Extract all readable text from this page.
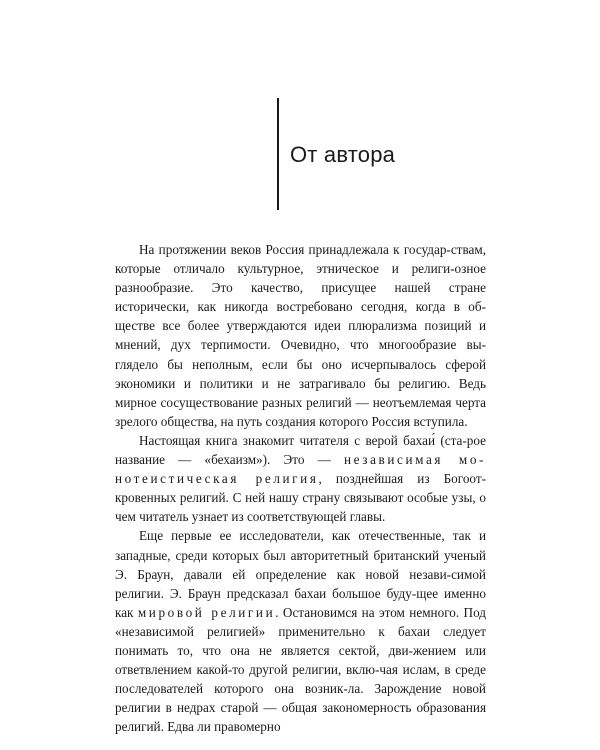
От автора

На протяжении веков Россия принадлежала к государ-ствам, которые отличало культурное, этническое и религи-озное разнообразие. Это качество, присущее нашей стране исторически, как никогда востребовано сегодня, когда в об-ществе все более утверждаются идеи плюрализма позиций и мнений, дух терпимости. Очевидно, что многообразие вы-глядело бы неполным, если бы оно исчерпывалось сферой экономики и политики и не затрагивало бы религию. Ведь мирное сосуществование разных религий — неотъемлемая черта зрелого общества, на путь создания которого Россия вступила.

Настоящая книга знакомит читателя с верой бахаи́ (ста-рое название — «бехаизм»). Это — независимая мо-нотеистическая религия, позднейшая из Богоот-кровенных религий. С ней нашу страну связывают особые узы, о чем читатель узнает из соответствующей главы.

Еще первые ее исследователи, как отечественные, так и западные, среди которых был авторитетный британский ученый Э. Браун, давали ей определение как новой незави-симой религии. Э. Браун предсказал бахаи большое буду-щее именно как мировой религии. Остановимся на этом немного. Под «независимой религией» применительно к бахаи следует понимать то, что она не является сектой, дви-жением или ответвлением какой-то другой религии, вклю-чая ислам, в среде последователей которого она возник-ла. Зарождение новой религии в недрах старой — общая закономерность образования религий. Едва ли правомерно
